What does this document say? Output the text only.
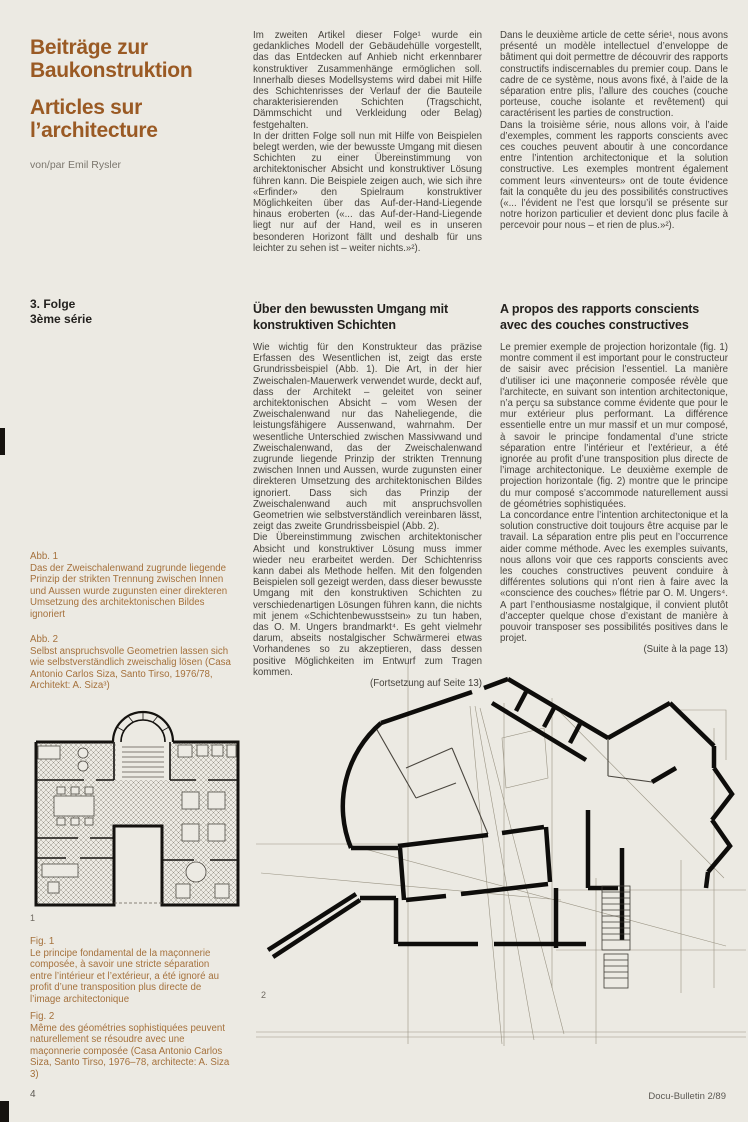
Beiträge zur Baukonstruktion
Articles sur l’architecture
von/par Emil Rysler
3. Folge
3ème série

Im zweiten Artikel dieser Folge¹ wurde ein gedankliches Modell der Gebäudehülle vorgestellt, das das Entdecken auf Anhieb nicht erkennbarer konstruktiver Zusammenhänge ermöglichen soll. Innerhalb dieses Modellsystems wird dabei mit Hilfe des Schichtenrisses der Verlauf der die Bauteile charakterisierenden Schichten (Tragschicht, Dämmschicht und Verkleidung oder Belag) festgehalten.

In der dritten Folge soll nun mit Hilfe von Beispielen belegt werden, wie der bewusste Umgang mit diesen Schichten zu einer Übereinstimmung von architektonischer Absicht und konstruktiver Lösung führen kann. Die Beispiele zeigen auch, wie sich ihre «Erfinder» den Spielraum konstruktiver Möglichkeiten über das Auf-der-Hand-Liegende hinaus eroberten («... das Auf-der-Hand-Liegende liegt nur auf der Hand, weil es in unseren besonderen Horizont fällt und deshalb für uns leichter zu sehen ist – weiter nichts.»²).

Über den bewussten Umgang mit konstruktiven Schichten

Wie wichtig für den Konstrukteur das präzise Erfassen des Wesentlichen ist, zeigt das erste Grundrissbeispiel (Abb. 1). Die Art, in der hier Zweischalen-Mauerwerk verwendet wurde, deckt auf, dass der Architekt – geleitet von seiner architektonischen Absicht – vom Wesen der Zweischalenwand nur das Naheliegende, die leistungsfähigere Aussenwand, wahrnahm. Der wesentliche Unterschied zwischen Massivwand und Zweischalenwand, das der Zweischalenwand zugrunde liegende Prinzip der strikten Trennung zwischen Innen und Aussen, wurde zugunsten einer direkteren Umsetzung des architektonischen Bildes ignoriert. Dass sich das Prinzip der Zweischalenwand auch mit anspruchsvollen Geometrien wie selbstverständlich vereinbaren lässt, zeigt das zweite Grundrissbeispiel (Abb. 2).

Die Übereinstimmung zwischen architektonischer Absicht und konstruktiver Lösung muss immer wieder neu erarbeitet werden. Der Schichtenriss kann dabei als Methode helfen. Mit den folgenden Beispielen soll gezeigt werden, dass dieser bewusste Umgang mit den konstruktiven Schichten zu verschiedenartigen Lösungen führen kann, die nichts mit jenem «Schichtenbewusstsein» zu tun haben, das O. M. Ungers brandmarkt⁴. Es geht vielmehr darum, abseits nostalgischer Schwärmerei etwas Vorhandenes so zu akzeptieren, dass dessen positive Möglichkeiten im Entwurf zum Tragen kommen.

(Fortsetzung auf Seite 13)

Dans le deuxième article de cette série¹, nous avons présenté un modèle intellectuel d’enveloppe de bâtiment qui doit permettre de découvrir des rapports constructifs indiscernables du premier coup. Dans le cadre de ce système, nous avons fixé, à l’aide de la séparation entre plis, l’allure des couches (couche porteuse, couche isolante et revêtement) qui caractérisent les parties de construction.

Dans la troisième série, nous allons voir, à l’aide d’exemples, comment les rapports conscients avec ces couches peuvent aboutir à une concordance entre l’intention architectonique et la solution constructive. Les exemples montrent également comment leurs «inventeurs» ont de toute évidence fait la conquête du jeu des possibilités constructives («... l’évident ne l’est que lorsqu’il se présente sur notre horizon particulier et devient donc plus facile à percevoir pour nous – et rien de plus.»²).

A propos des rapports conscients avec des couches constructives

Le premier exemple de projection horizontale (fig. 1) montre comment il est important pour le constructeur de saisir avec précision l’essentiel. La manière d’utiliser ici une maçonnerie composée révèle que l’architecte, en suivant son intention architectonique, n’a perçu sa substance comme évidente que pour le mur extérieur plus performant. La différence essentielle entre un mur massif et un mur composé, à savoir le principe fondamental d’une stricte séparation entre l’intérieur et l’extérieur, a été ignorée au profit d’une transposition plus directe de l’image architectonique. Le deuxième exemple de projection horizontale (fig. 2) montre que le principe du mur composé s’accommode naturellement aussi de géométries sophistiquées.

La concordance entre l’intention architectonique et la solution constructive doit toujours être acquise par le travail. La séparation entre plis peut en l’occurrence aider comme méthode. Avec les exemples suivants, nous allons voir que ces rapports conscients avec les couches constructives peuvent conduire à différentes solutions qui n’ont rien à faire avec la «conscience des couches» flétrie par O. M. Ungers⁴. A part l’enthousiasme nostalgique, il convient plutôt d’accepter quelque chose d’existant de manière à pouvoir transposer ses possibilités positives dans le projet.

(Suite à la page 13)

Abb. 1
Das der Zweischalenwand zugrunde liegende Prinzip der strikten Trennung zwischen Innen und Aussen wurde zugunsten einer direkteren Umsetzung des architektonischen Bildes ignoriert
Abb. 2
Selbst anspruchsvolle Geometrien lassen sich wie selbstverständlich zweischalig lösen (Casa Antonio Carlos Siza, Santo Tirso, 1976/78, Architekt: A. Siza³)
Fig. 1
Le principe fondamental de la maçonnerie composée, à savoir une stricte séparation entre l’intérieur et l’extérieur, a été ignoré au profit d’une transposition plus directe de l’image architectonique
Fig. 2
Même des géométries sophistiquées peuvent naturellement se résoudre avec une maçonnerie composée (Casa Antonio Carlos Siza, Santo Tirso, 1976–78, architecte: A. Siza 3)
1
2
4	Docu-Bulletin 2/89
